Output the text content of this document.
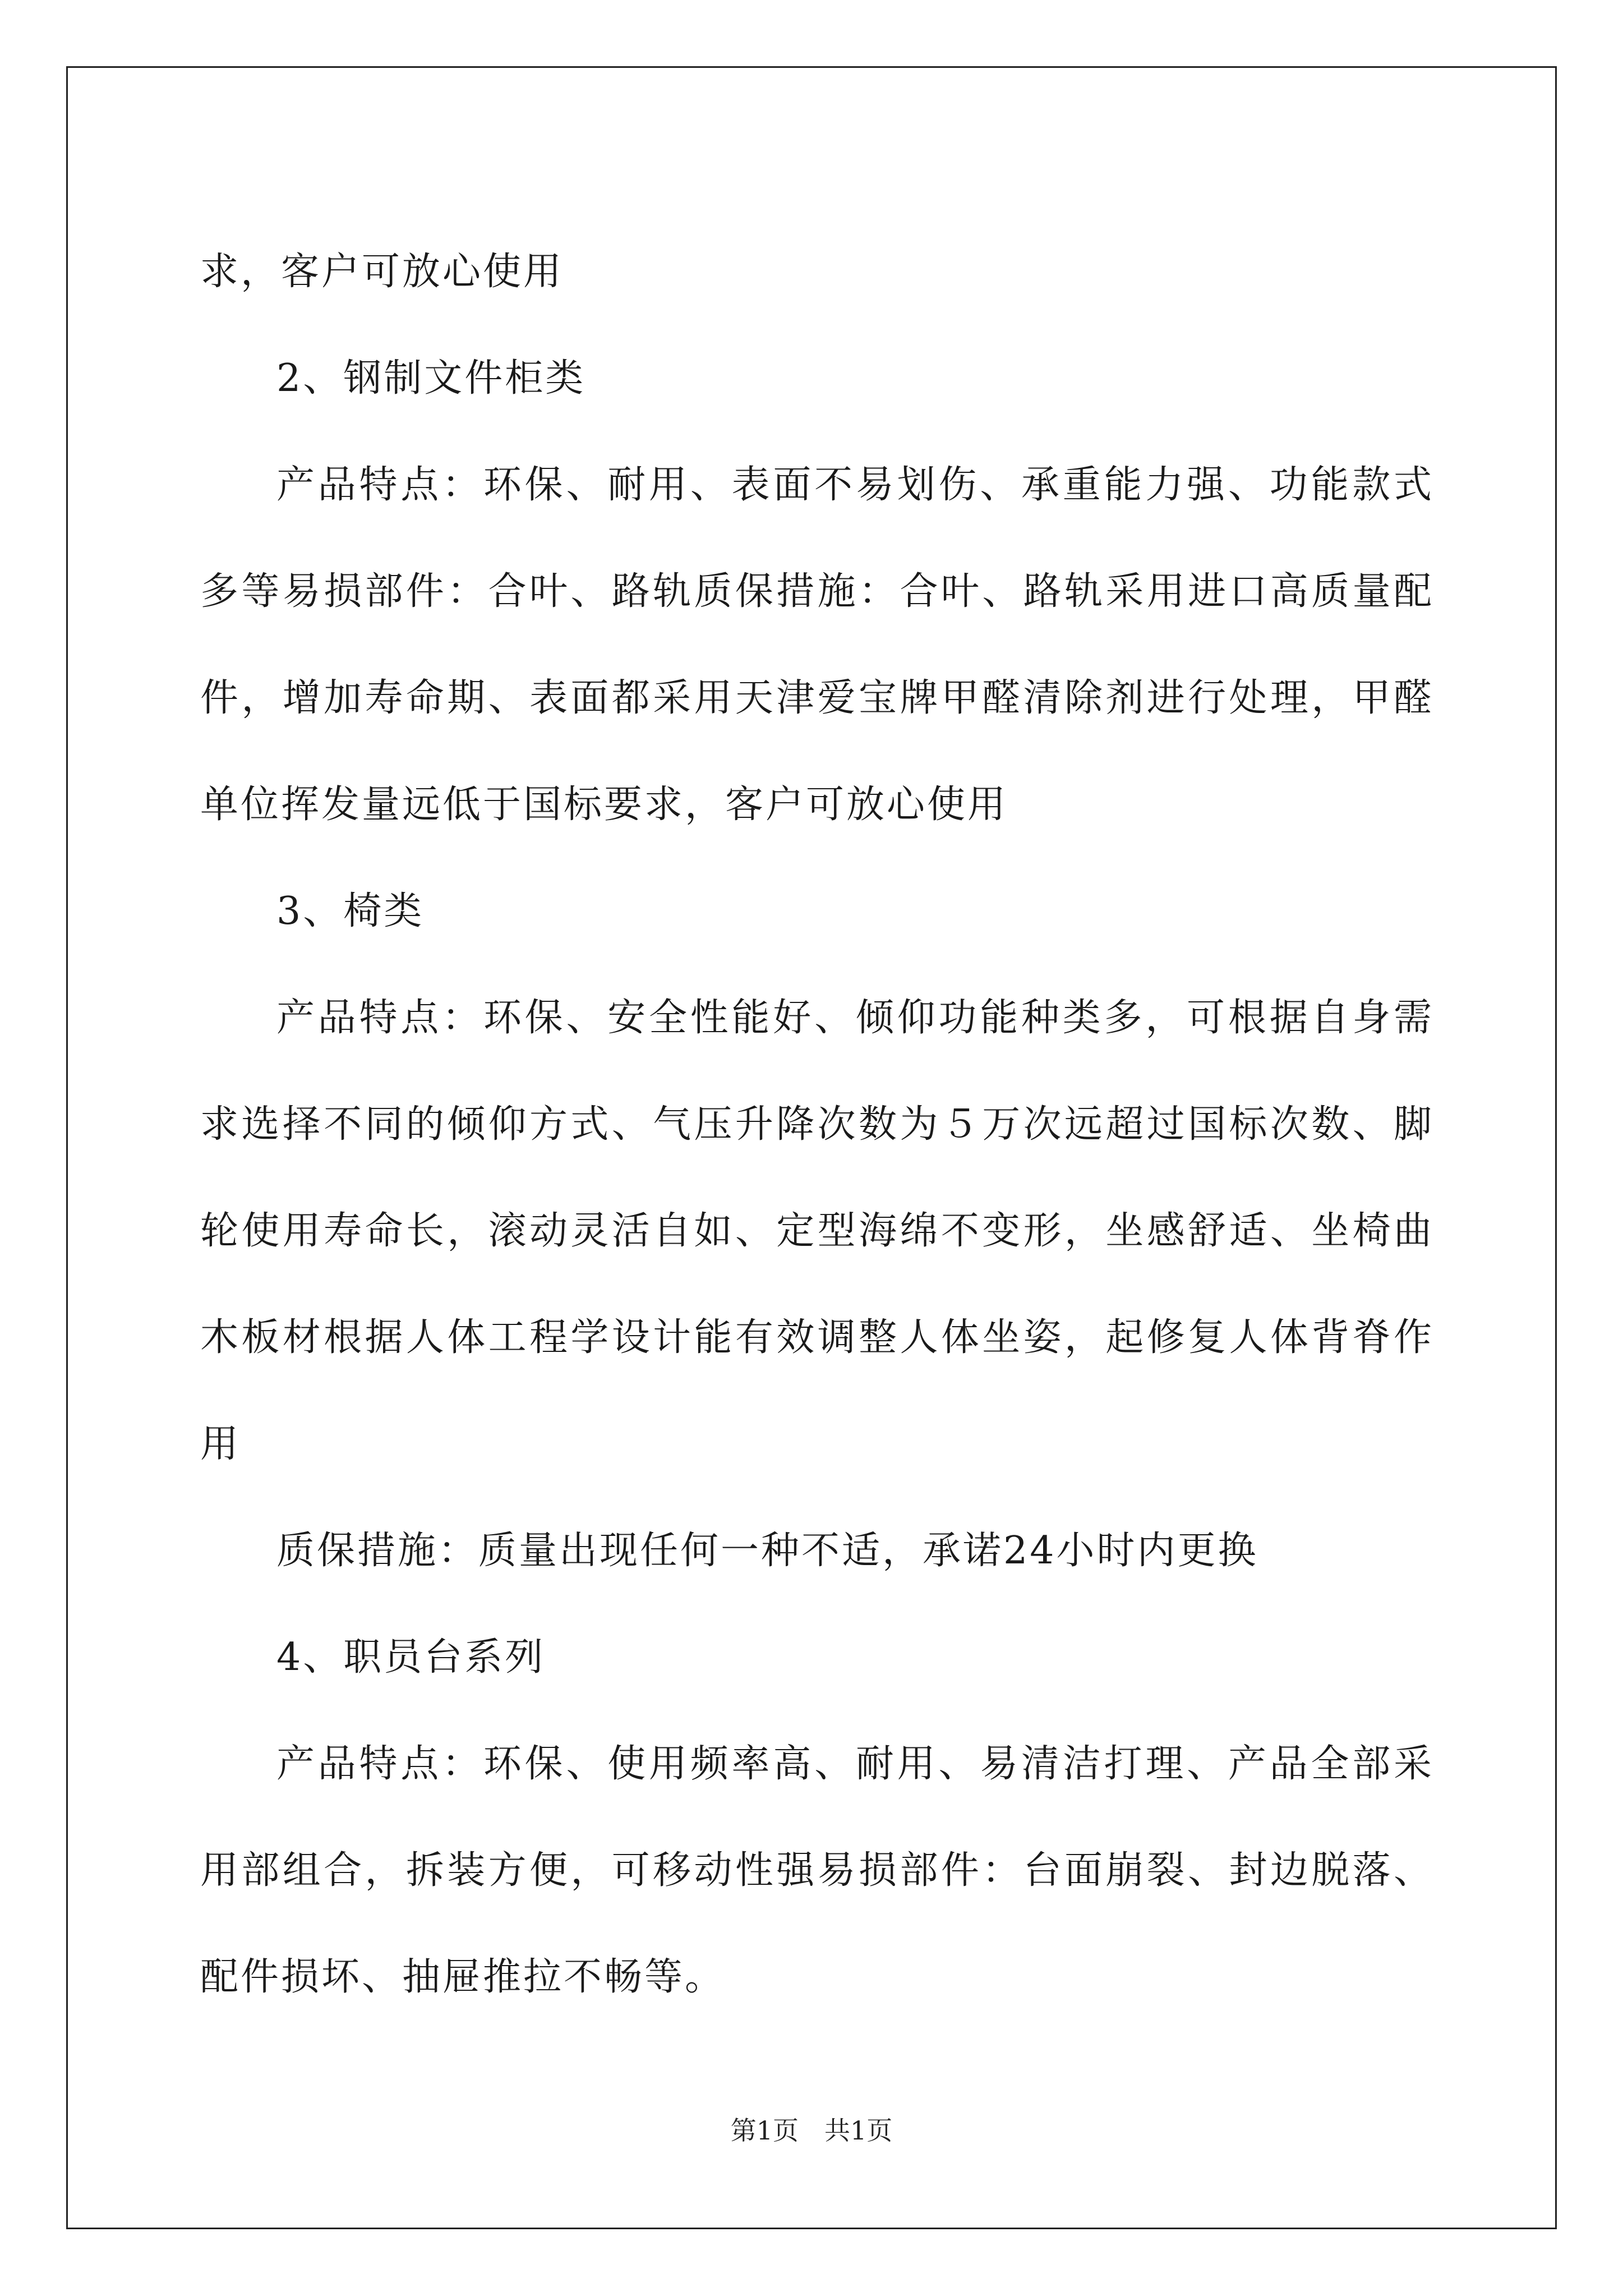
求，客户可放心使用

2、钢制文件柜类

产品特点：环保、耐用、表面不易划伤、承重能力强、功能款式多等易损部件：合叶、路轨质保措施：合叶、路轨采用进口高质量配件，增加寿命期、表面都采用天津爱宝牌甲醛清除剂进行处理，甲醛单位挥发量远低于国标要求，客户可放心使用

3、椅类

产品特点：环保、安全性能好、倾仰功能种类多，可根据自身需求选择不同的倾仰方式、气压升降次数为５万次远超过国标次数、脚轮使用寿命长，滚动灵活自如、定型海绵不变形，坐感舒适、坐椅曲木板材根据人体工程学设计能有效调整人体坐姿，起修复人体背脊作用

质保措施：质量出现任何一种不适，承诺24小时内更换

4、职员台系列

产品特点：环保、使用频率高、耐用、易清洁打理、产品全部采用部组合，拆装方便，可移动性强易损部件：台面崩裂、封边脱落、配件损坏、抽屉推拉不畅等。

第1页 共1页
